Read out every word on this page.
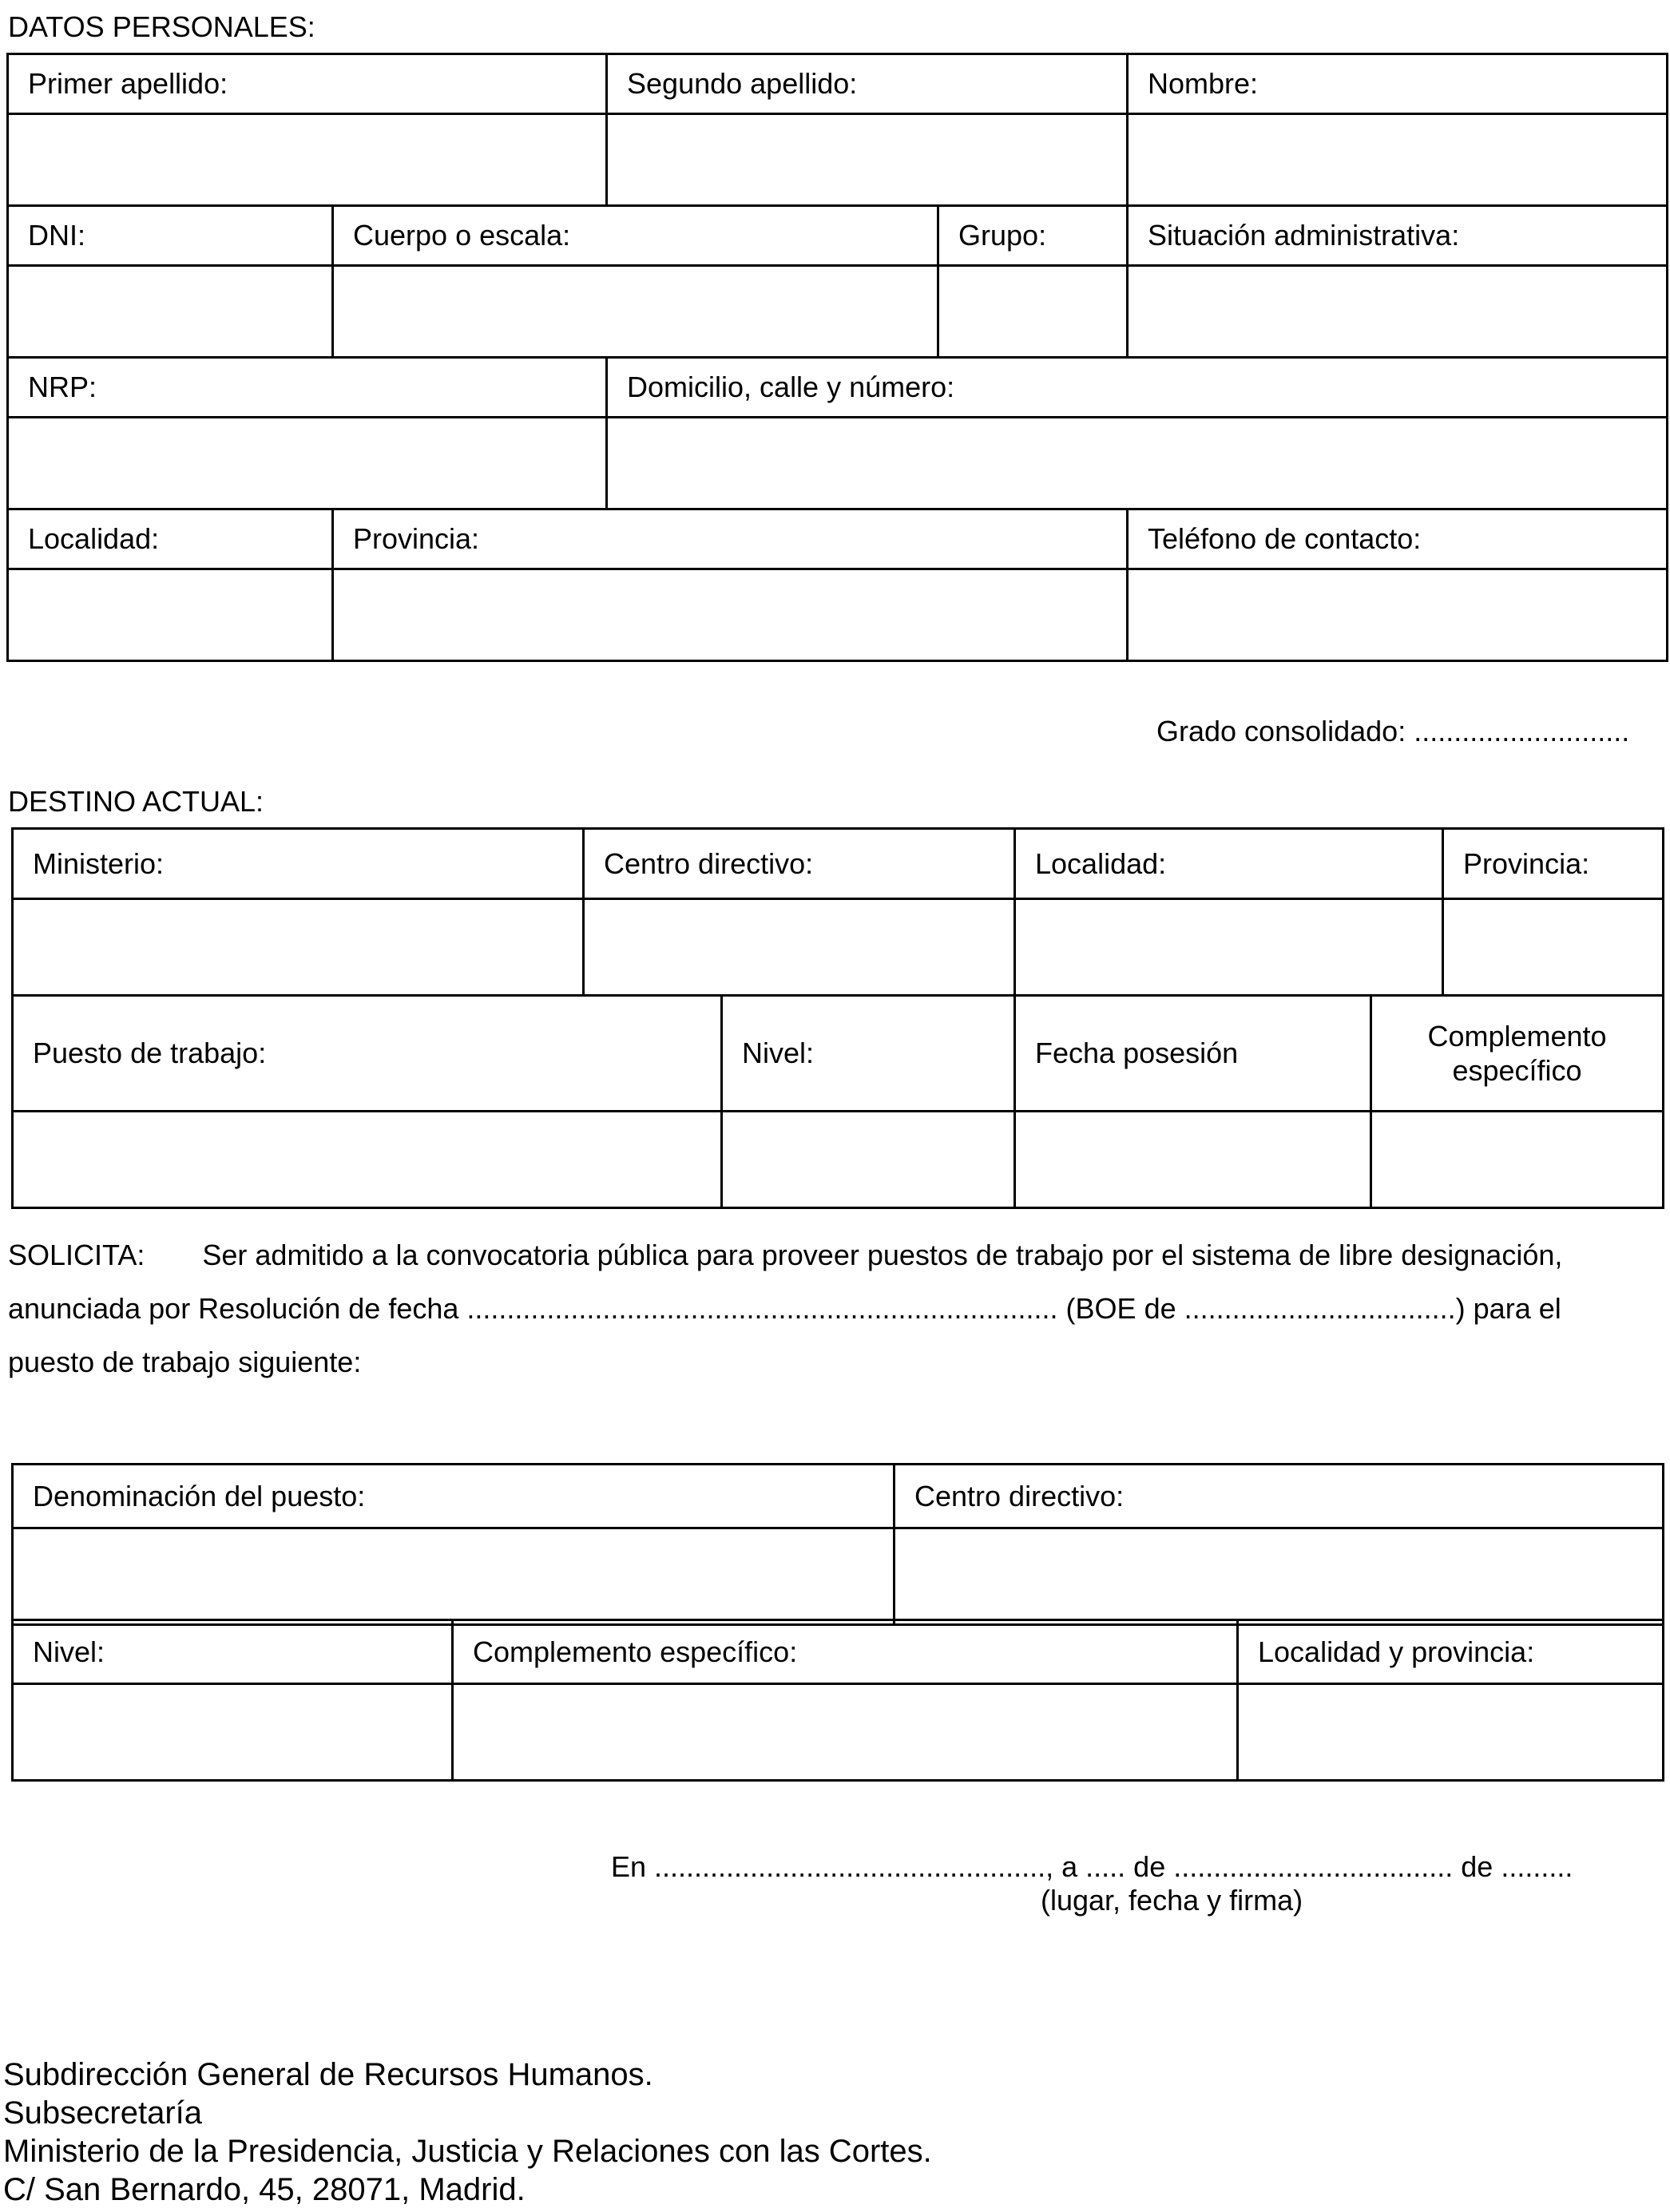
DATOS PERSONALES:
Primer apellido:		Segundo apellido:		Nombre:

DNI:	Cuerpo o escala:		Grupo:	Situación administrativa:

NRP:		Domicilio, calle y número:		

Localidad:	Provincia:			Teléfono de contacto:

Grado consolidado: ...........................
DESTINO ACTUAL:
Ministerio:	Centro directivo:		Localidad:		Provincia:

Puesto de trabajo:		Nivel:	Fecha posesión	Complemento
específico	

SOLICITA: Ser admitido a la convocatoria pública para proveer puestos de trabajo por el sistema de libre designación,
anunciada por Resolución de fecha .......................................................................... (BOE de ..................................) para el
puesto de trabajo siguiente:
Denominación del puesto:	Centro directivo:

Nivel:	Complemento específico:	Localidad y provincia:

En ................................................., a ..... de ................................... de .........
(lugar, fecha y firma)
Subdirección General de Recursos Humanos.
Subsecretaría
Ministerio de la Presidencia, Justicia y Relaciones con las Cortes.
C/ San Bernardo, 45, 28071, Madrid.
